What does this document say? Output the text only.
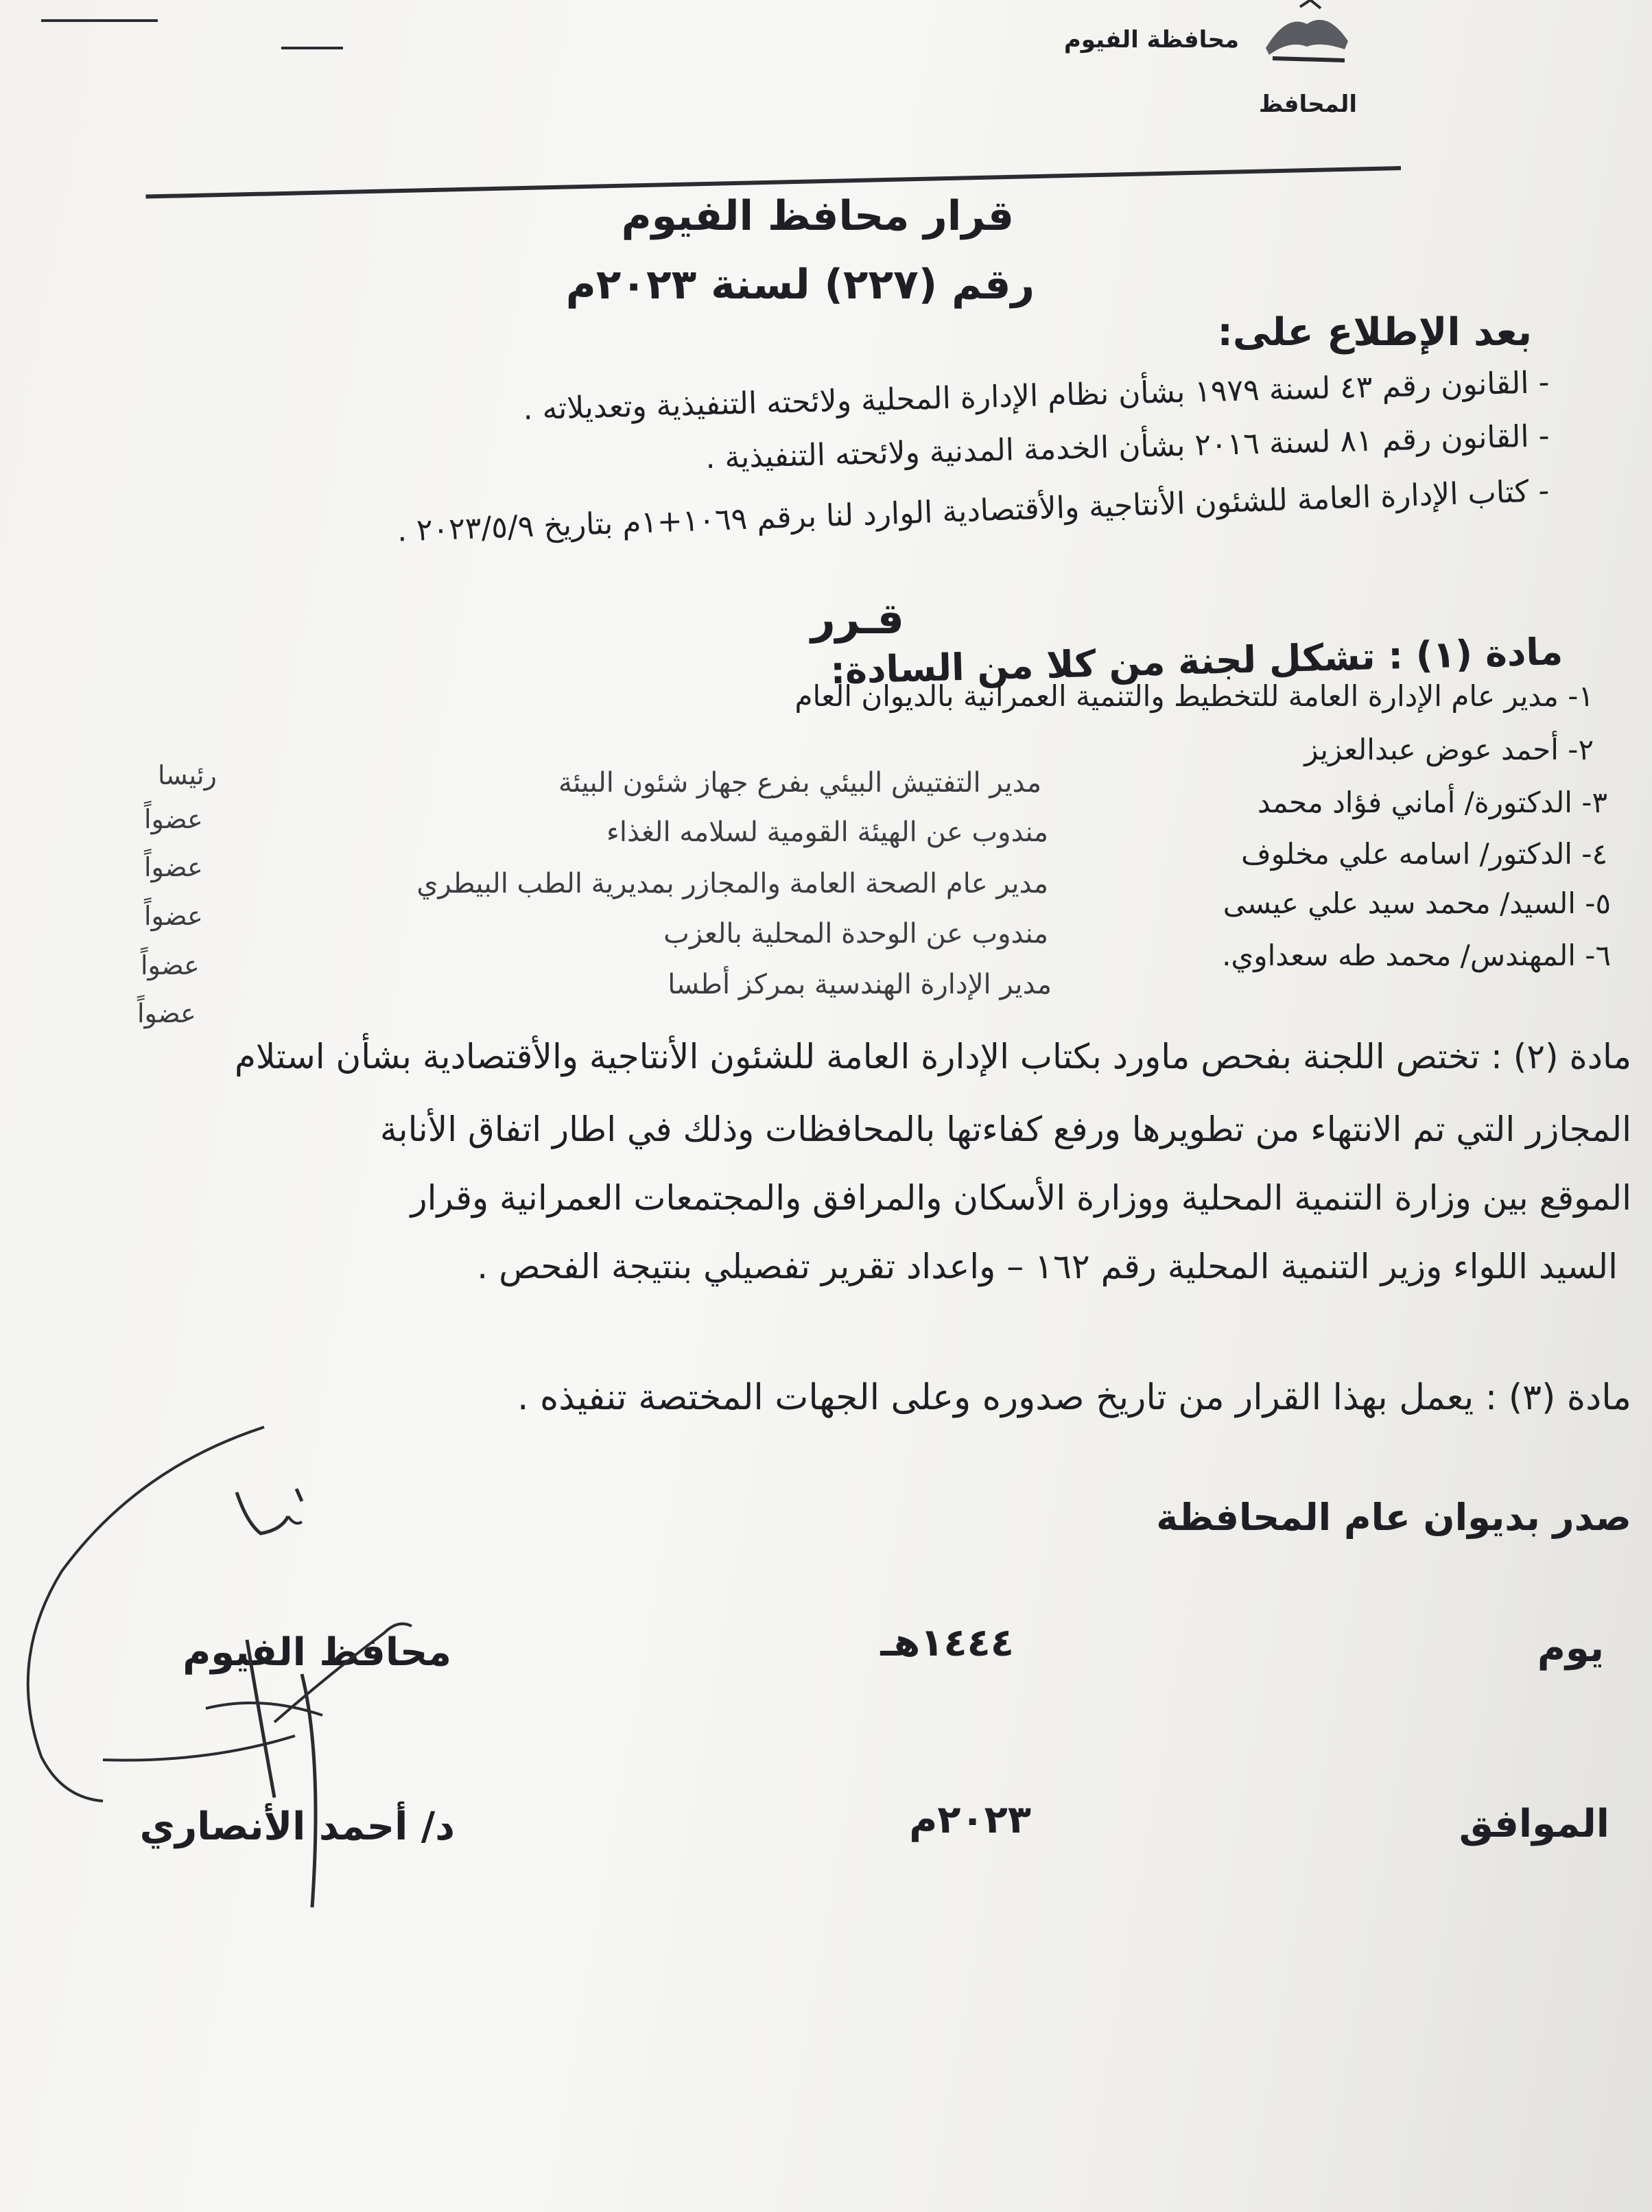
محافظة الفيوم
المحافظ
قرار محافظ الفيوم
رقم (٢٢٧) لسنة ٢٠٢٣م
بعد الإطلاع على:
- القانون رقم ٤٣ لسنة ١٩٧٩ بشأن نظام الإدارة المحلية ولائحته التنفيذية وتعديلاته .
- القانون رقم ٨١ لسنة ٢٠١٦ بشأن الخدمة المدنية ولائحته التنفيذية .
- كتاب الإدارة العامة للشئون الأنتاجية والأقتصادية الوارد لنا برقم ١٠٦٩+١م بتاريخ ٢٠٢٣/٥/٩ .
قـرر
مادة (١) : تشكل لجنة من كلا من السادة:
١- مدير عام الإدارة العامة للتخطيط والتنمية العمرانية بالديوان العام
٢- أحمد عوض عبدالعزيز
مدير التفتيش البيئي بفرع جهاز شئون البيئة
رئيسا
٣- الدكتورة/ أماني فؤاد محمد
مندوب عن الهيئة القومية لسلامه الغذاء
عضواً
٤- الدكتور/ اسامه علي مخلوف
مدير عام الصحة العامة والمجازر بمديرية الطب البيطري
عضواً
٥- السيد/ محمد سيد علي عيسى
مندوب عن الوحدة المحلية بالعزب
عضواً
٦- المهندس/ محمد طه سعداوي.
مدير الإدارة الهندسية بمركز أطسا
عضواً
عضواً
مادة (٢) : تختص اللجنة بفحص ماورد بكتاب الإدارة العامة للشئون الأنتاجية والأقتصادية بشأن استلام
المجازر التي تم الانتهاء من تطويرها ورفع كفاءتها بالمحافظات وذلك في اطار اتفاق الأنابة
الموقع بين وزارة التنمية المحلية ووزارة الأسكان والمرافق والمجتمعات العمرانية وقرار
السيد اللواء وزير التنمية المحلية رقم ١٦٢ – واعداد تقرير تفصيلي بنتيجة الفحص .
مادة (٣) : يعمل بهذا القرار من تاريخ صدوره وعلى الجهات المختصة تنفيذه .
صدر بديوان عام المحافظة
يوم
١٤٤٤هـ
الموافق
٢٠٢٣م
محافظ الفيوم
د/ أحمد الأنصاري
